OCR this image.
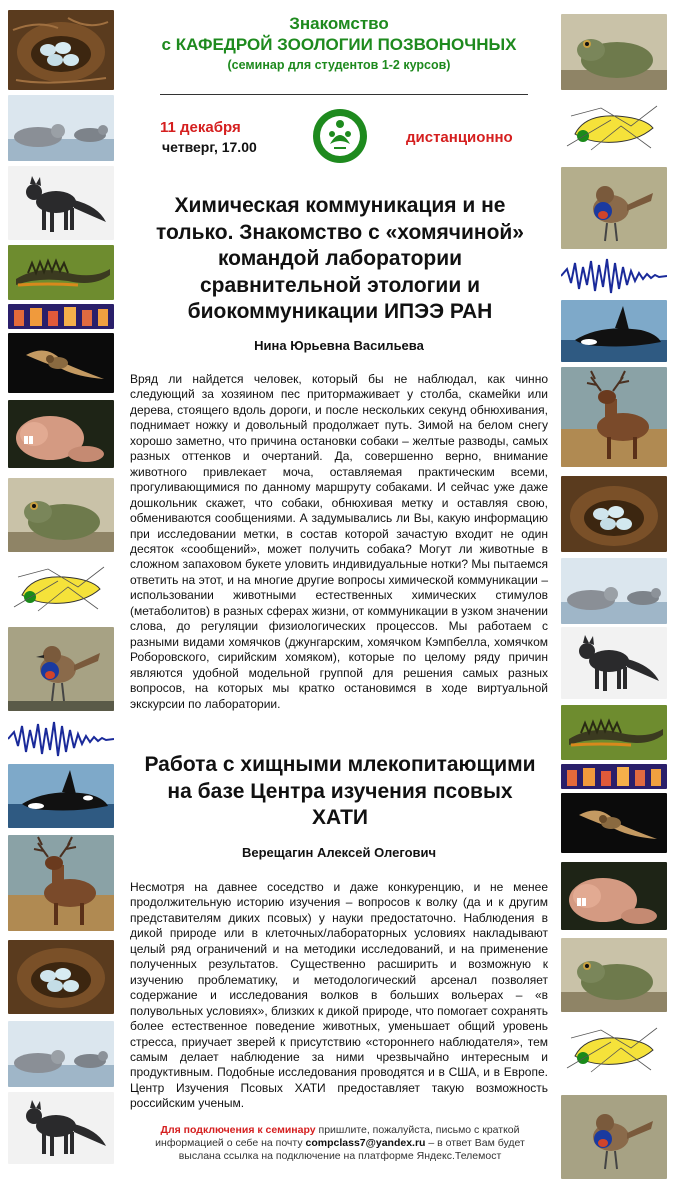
Знакомство
с КАФЕДРОЙ ЗООЛОГИИ ПОЗВОНОЧНЫХ
(семинар для студентов 1-2 курсов)
11 декабря
четверг, 17.00
дистанционно
Химическая коммуникация и не только. Знакомство с «хомячиной» командой лаборатории сравнительной этологии и биокоммуникации ИПЭЭ РАН
Нина Юрьевна Васильева
Вряд ли найдется человек, который бы не наблюдал, как чинно следующий за хозяином пес притормаживает у столба, скамейки или дерева, стоящего вдоль дороги, и после нескольких секунд обнюхивания, поднимает ножку и довольный продолжает путь. Зимой на белом снегу хорошо заметно, что причина остановки собаки – желтые разводы, самых разных оттенков и очертаний. Да, совершенно верно, внимание животного привлекает моча, оставляемая практическим всеми, прогуливающимися по данному маршруту собаками. И сейчас уже даже дошкольник скажет, что собаки, обнюхивая метку и оставляя свою, обмениваются сообщениями. А задумывались ли Вы, какую информацию при исследовании метки, в состав которой зачастую входит не один десяток «сообщений», может получить собака? Могут ли животные в сложном запаховом букете уловить индивидуальные нотки? Мы пытаемся ответить на этот, и на многие другие вопросы химической коммуникации – использовании животными естественных химических стимулов (метаболитов) в разных сферах жизни, от коммуникации в узком значении слова, до регуляции физиологических процессов. Мы работаем с разными видами хомячков (джунгарским, хомячком Кэмпбелла, хомячком Роборовского, сирийским хомяком), которые по целому ряду причин являются удобной модельной группой для решения самых разных вопросов, на которых мы кратко остановимся в ходе виртуальной экскурсии по лаборатории.
Работа с хищными млекопитающими на базе Центра изучения псовых ХАТИ
Верещагин Алексей Олегович
Несмотря на давнее соседство и даже конкуренцию, и не менее продолжительную историю изучения – вопросов к волку (да и к другим представителям диких псовых) у науки предостаточно. Наблюдения в дикой природе или в клеточных/лабораторных условиях накладывают целый ряд ограничений и на методики исследований, и на применение полученных результатов. Существенно расширить и возможную к изучению проблематику, и методологический арсенал позволяет содержание и исследования волков в больших вольерах – «в полувольных условиях», близких к дикой природе, что помогает сохранять более естественное поведение животных, уменьшает общий уровень стресса, приучает зверей к присутствию «стороннего наблюдателя», тем самым делает наблюдение за ними чрезвычайно интересным и продуктивным. Подобные исследования проводятся и в США, и в Европе. Центр Изучения Псовых ХАТИ предоставляет такую возможность российским ученым.
Для подключения к семинару пришлите, пожалуйста, письмо с краткой информацией о себе на почту compclass7@yandex.ru – в ответ Вам будет выслана ссылка на подключение на платформе Яндекс.Телемост
